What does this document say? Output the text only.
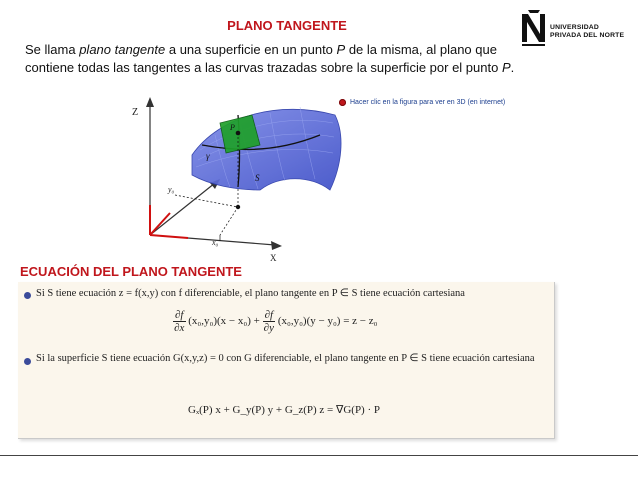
PLANO TANGENTE	UNIVERSIDAD
PRIVADA DEL NORTE
Se llama plano tangente a una superficie en un punto P de la misma, al plano que contiene todas las tangentes a las curvas trazadas sobre la superficie por el punto P.
Z
X
y₀
x₀
S
P
γ
Hacer clic en la figura para ver en 3D (en internet)
ECUACIÓN DEL PLANO TANGENTE
Si S tiene ecuación z = f(x,y) con f diferenciable, el plano tangente en P ∈ S tiene ecuación cartesiana
$\frac{\partial f}{\partial x} (x_0,y_0)(x - x_0) + \frac{\partial f}{\partial y} (x_0,y_0)(y - y_0) = z - z_0$
Si la superficie S tiene ecuación G(x,y,z) = 0 con G diferenciable, el plano tangente en P ∈ S tiene ecuación cartesiana
Gₓ(P) x + G_y(P) y + G_z(P) z = ∇G(P) · P
